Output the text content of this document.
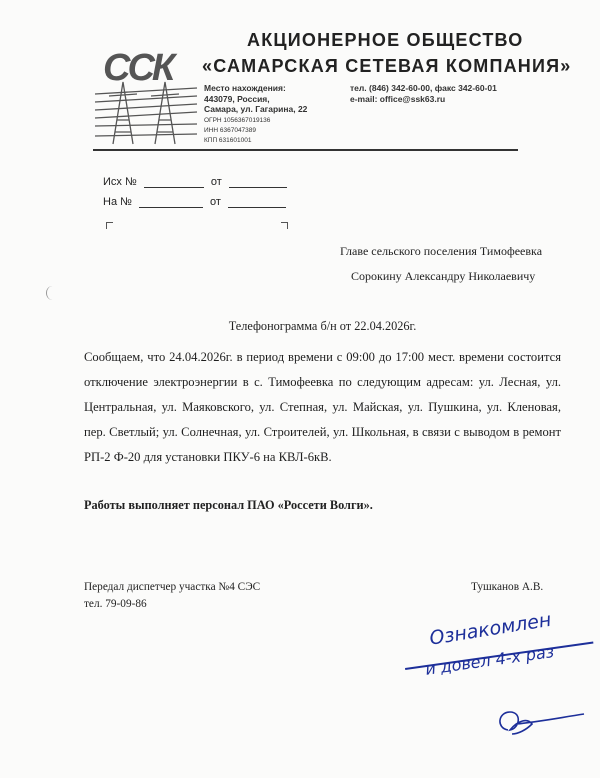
ССК
АКЦИОНЕРНОЕ ОБЩЕСТВО
«САМАРСКАЯ СЕТЕВАЯ КОМПАНИЯ»
Место нахождения:
443079, Россия,
Самара, ул. Гагарина, 22
ОГРН 1056367019136
ИНН 6367047389
КПП 631601001
тел. (846) 342-60-00, факс 342-60-01
e-mail: office@ssk63.ru
Исх №	от
На №	от
Главе сельского поселения Тимофеевка
Сорокину Александру Николаевичу
Телефонограмма б/н от 22.04.2026г.
Сообщаем, что 24.04.2026г. в период времени с 09:00 до 17:00 мест. времени состоится отключение электроэнергии в с. Тимофеевка по следующим адресам: ул. Лесная, ул. Центральная, ул. Маяковского, ул. Степная, ул. Майская, ул. Пушкина, ул. Кленовая, пер. Светлый; ул. Солнечная, ул. Строителей, ул. Школьная, в связи с выводом в ремонт РП-2 Ф-20 для установки ПКУ-6 на КВЛ-6кВ.
Работы выполняет персонал ПАО «Россети Волги».
Передал диспетчер участка №4 СЭС
тел. 79-09-86
Тушканов А.В.
Ознакомлен
и довел 4-х раз
